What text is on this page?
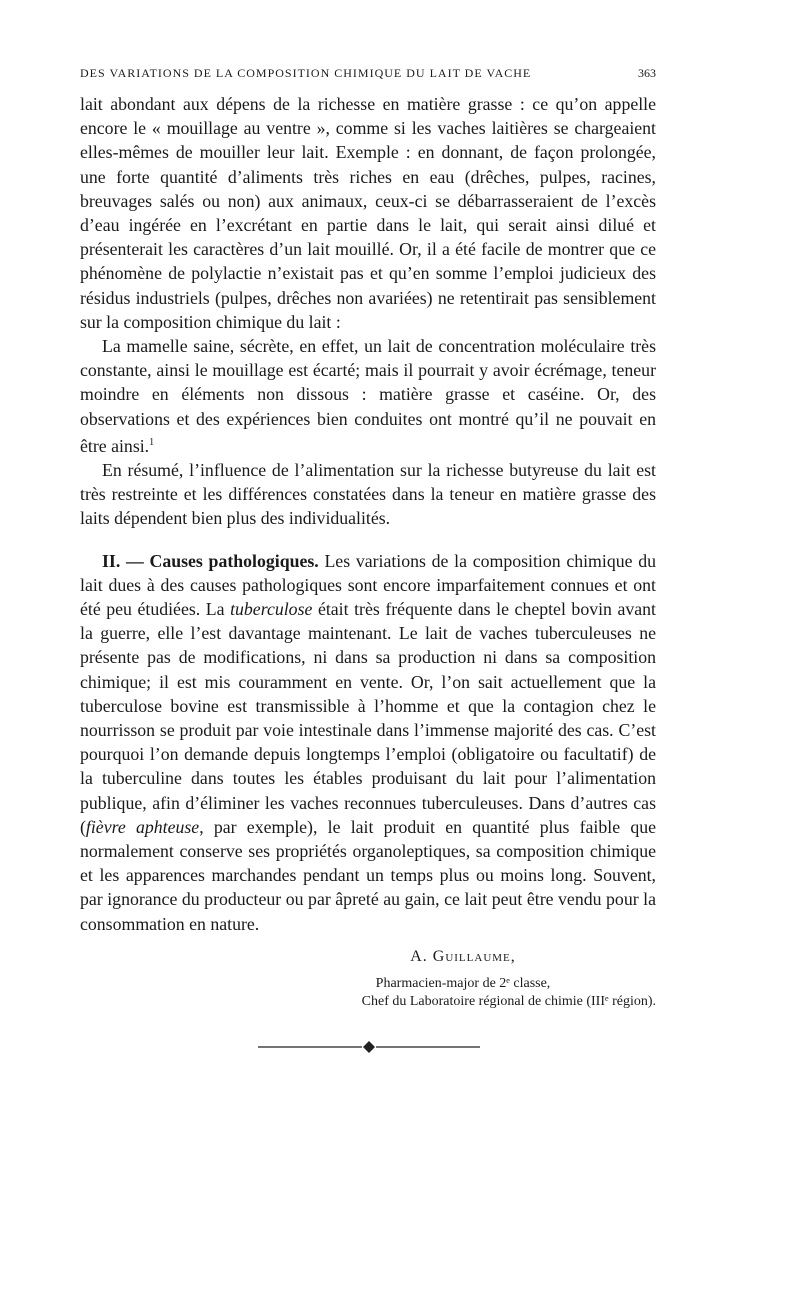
DES VARIATIONS DE LA COMPOSITION CHIMIQUE DU LAIT DE VACHE	363

lait abondant aux dépens de la richesse en matière grasse : ce qu’on appelle encore le « mouillage au ventre », comme si les vaches laitières se chargeaient elles-mêmes de mouiller leur lait. Exemple : en donnant, de façon prolongée, une forte quantité d’aliments très riches en eau (drêches, pulpes, racines, breuvages salés ou non) aux animaux, ceux-ci se débarrasseraient de l’excès d’eau ingérée en l’excrétant en partie dans le lait, qui serait ainsi dilué et présenterait les caractères d’un lait mouillé. Or, il a été facile de montrer que ce phénomène de polylactie n’existait pas et qu’en somme l’emploi judicieux des résidus industriels (pulpes, drêches non avariées) ne retentirait pas sensiblement sur la composition chimique du lait :

La mamelle saine, sécrète, en effet, un lait de concentration moléculaire très constante, ainsi le mouillage est écarté; mais il pourrait y avoir écrémage, teneur moindre en éléments non dissous : matière grasse et caséine. Or, des observations et des expériences bien conduites ont montré qu’il ne pouvait en être ainsi.$^1$

En résumé, l’influence de l’alimentation sur la richesse butyreuse du lait est très restreinte et les différences constatées dans la teneur en matière grasse des laits dépendent bien plus des individualités.

II. — Causes pathologiques. Les variations de la composition chimique du lait dues à des causes pathologiques sont encore imparfaitement connues et ont été peu étudiées. La tuberculose était très fréquente dans le cheptel bovin avant la guerre, elle l’est davantage maintenant. Le lait de vaches tuberculeuses ne présente pas de modifications, ni dans sa production ni dans sa composition chimique; il est mis couramment en vente. Or, l’on sait actuellement que la tuberculose bovine est transmissible à l’homme et que la contagion chez le nourrisson se produit par voie intestinale dans l’immense majorité des cas. C’est pourquoi l’on demande depuis longtemps l’emploi (obligatoire ou facultatif) de la tuberculine dans toutes les étables produisant du lait pour l’alimentation publique, afin d’éliminer les vaches reconnues tuberculeuses. Dans d’autres cas (fièvre aphteuse, par exemple), le lait produit en quantité plus faible que normalement conserve ses propriétés organoleptiques, sa composition chimique et les apparences marchandes pendant un temps plus ou moins long. Souvent, par ignorance du producteur ou par âpreté au gain, ce lait peut être vendu pour la consommation en nature.

A. Guillaume,
Pharmacien-major de 2ᵉ classe,
Chef du Laboratoire régional de chimie (IIIᵉ région).
